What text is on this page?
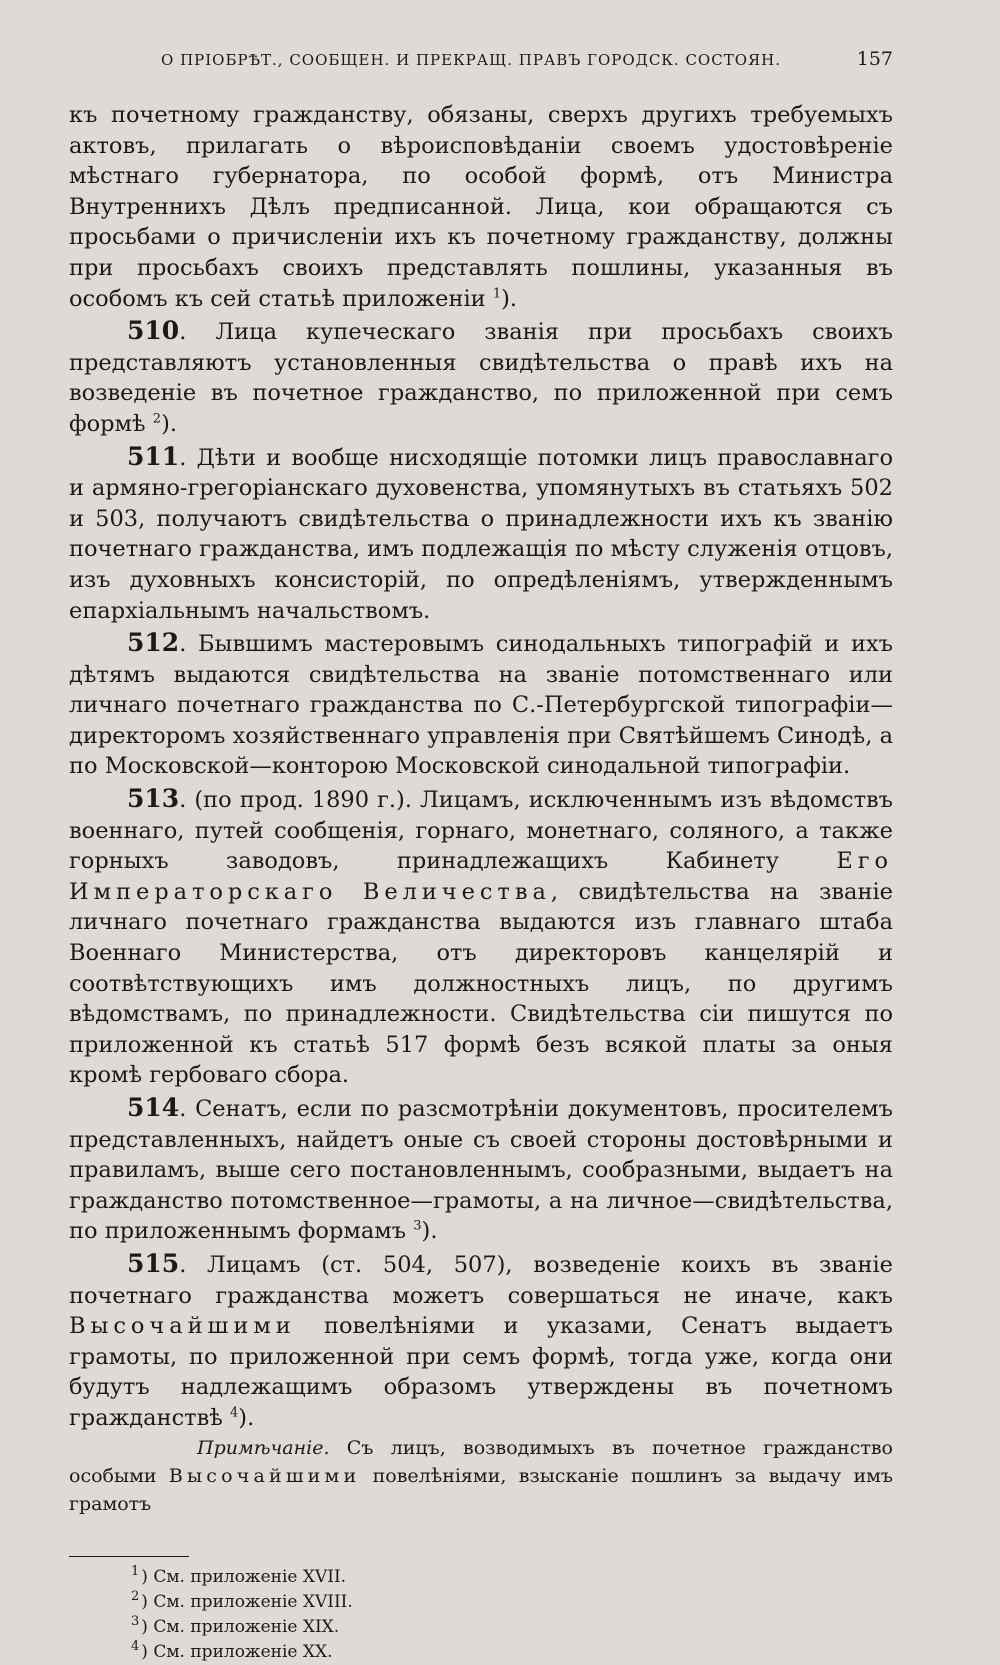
О ПРІОБРѢТ., СООБЩЕН. И ПРЕКРАЩ. ПРАВЪ ГОРОДСК. СОСТОЯН.	157

къ почетному гражданству, обязаны, сверхъ другихъ требуемыхъ актовъ, прилагать о вѣроисповѣданіи своемъ удостовѣреніе мѣстнаго губернатора, по особой формѣ, отъ Министра Внутреннихъ Дѣлъ предписанной. Лица, кои обращаются съ просьбами о причисленіи ихъ къ почетному гражданству, должны при просьбахъ своихъ представлять пошлины, указанныя въ особомъ къ сей статьѣ приложеніи $^1$).

510. Лица купеческаго званія при просьбахъ своихъ представляютъ установленныя свидѣтельства о правѣ ихъ на возведеніе въ почетное гражданство, по приложенной при семъ формѣ $^2$).

511. Дѣти и вообще нисходящіе потомки лицъ православнаго и армяно-грегоріанскаго духовенства, упомянутыхъ въ статьяхъ 502 и 503, получаютъ свидѣтельства о принадлежности ихъ къ званію почетнаго гражданства, имъ подлежащія по мѣсту служенія отцовъ, изъ духовныхъ консисторій, по опредѣленіямъ, утвержденнымъ епархіальнымъ начальствомъ.

512. Бывшимъ мастеровымъ синодальныхъ типографій и ихъ дѣтямъ выдаются свидѣтельства на званіе потомственнаго или личнаго почетнаго гражданства по С.-Петербургской типографіи—директоромъ хозяйственнаго управленія при Святѣйшемъ Синодѣ, а по Московской—конторою Московской синодальной типографіи.

513. (по прод. 1890 г.). Лицамъ, исключеннымъ изъ вѣдомствъ военнаго, путей сообщенія, горнаго, монетнаго, соляного, а также горныхъ заводовъ, принадлежащихъ Кабинету	Его Императорскаго Величества, свидѣтельства на званіе личнаго почетнаго гражданства выдаются изъ главнаго штаба Военнаго Министерства, отъ директоровъ канцелярій и соотвѣтствующихъ имъ должностныхъ лицъ, по другимъ вѣдомствамъ, по принадлежности. Свидѣтельства сіи пишутся по приложенной къ статьѣ 517 формѣ безъ всякой платы за оныя кромѣ гербоваго сбора.

514. Сенатъ, если по разсмотрѣніи документовъ, просителемъ представленныхъ, найдетъ оные съ своей стороны достовѣрными и правиламъ, выше сего постановленнымъ, сообразными, выдаетъ на гражданство потомственное—грамоты, а на личное—свидѣтельства, по приложеннымъ формамъ $^3$).

515. Лицамъ (ст. 504, 507), возведеніе коихъ въ званіе почетнаго гражданства можетъ совершаться не иначе, какъ Высочайшими повелѣніями и указами, Сенатъ выдаетъ грамоты, по приложенной при семъ формѣ, тогда уже, когда они будутъ надлежащимъ образомъ утверждены въ почетномъ гражданствѣ $^4$).

Примѣчаніе. Съ лицъ, возводимыхъ въ почетное гражданство особыми Высочайшими повелѣніями, взысканіе пошлинъ за выдачу имъ грамотъ

$^1$ ) См. приложеніе XVII.
$^2$ ) См. приложеніе XVIII.
$^3$ ) См. приложеніе XIX.
$^4$ ) См. приложеніе XX.
